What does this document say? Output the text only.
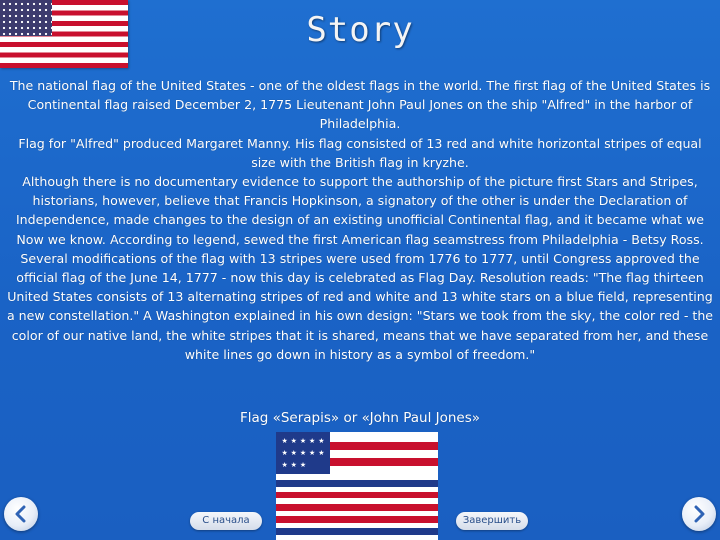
Story

The national flag of the United States - one of the oldest flags in the world. The first flag of the United States is Continental flag raised December 2, 1775 Lieutenant John Paul Jones on the ship "Alfred" in the harbor of Philadelphia.

Flag for "Alfred" produced Margaret Manny. His flag consisted of 13 red and white horizontal stripes of equal size with the British flag in kryzhe.

Although there is no documentary evidence to support the authorship of the picture first Stars and Stripes, historians, however, believe that Francis Hopkinson, a signatory of the other is under the Declaration of Independence, made changes to the design of an existing unofficial Continental flag, and it became what we Now we know. According to legend, sewed the first American flag seamstress from Philadelphia - Betsy Ross.

Several modifications of the flag with 13 stripes were used from 1776 to 1777, until Congress approved the official flag of the June 14, 1777 - now this day is celebrated as Flag Day. Resolution reads: "The flag thirteen United States consists of 13 alternating stripes of red and white and 13 white stars on a blue field, representing a new constellation." A Washington explained in his own design: "Stars we took from the sky, the color red - the color of our native land, the white stripes that it is shared, means that we have separated from her, and these white lines go down in history as a symbol of freedom."

Flag «Serapis» or «John Paul Jones»
★ ★ ★ ★ ★
★ ★ ★ ★ ★
★ ★ ★
С начала	Завершить
